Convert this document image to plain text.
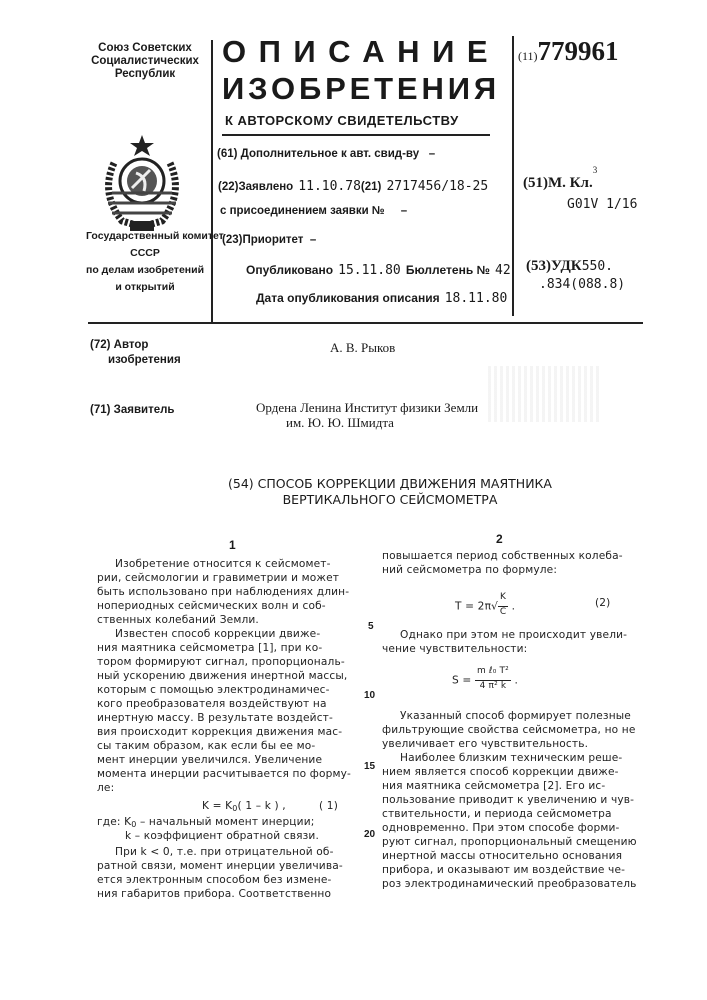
Союз Советских
Социалистических
Республик
Государственный комитет
СССР
по делам изобретений
и открытий
ОПИСАНИЕ
ИЗОБРЕТЕНИЯ
К АВТОРСКОМУ СВИДЕТЕЛЬСТВУ
(11)779961
(61) Дополнительное к авт. свид-ву –
(22)Заявлено 11.10.78(21) 2717456/18-25
с присоединением заявки № –
(23)Приоритет –
Опубликовано 15.11.80 Бюллетень № 42
Дата опубликования описания 18.11.80
(51)М. Кл.3
G01V 1/16
(53)УДК550.
.834(088.8)
(72) Автор
изобретения
А. В. Рыков
(71) Заявитель	Ордена Ленина Институт физики Земли
им. Ю. Ю. Шмидта
(54) СПОСОБ КОРРЕКЦИИ ДВИЖЕНИЯ МАЯТНИКА
ВЕРТИКАЛЬНОГО СЕЙСМОМЕТРА
1	2
5
10
15
20
Изобретение относится к сейсмомет-
рии, сейсмологии и гравиметрии и может
быть использовано при наблюдениях длин-
нопериодных сейсмических волн и соб-
ственных колебаний Земли.
Известен способ коррекции движе-
ния маятника сейсмометра [1], при ко-
тором формируют сигнал, пропорциональ-
ный ускорению движения инертной массы,
которым с помощью электродинамичес-
кого преобразователя воздействуют на
инертную массу. В результате воздейст-
вия происходит коррекция движения мас-
сы таким образом, как если бы ее мо-
мент инерции увеличился. Увеличение
момента инерции расчитывается по форму-
ле:
K = K0( 1 – k ) ,	( 1)
где: K0 – начальный момент инерции;
k – коэффициент обратной связи.
При k < 0, т.е. при отрицательной об-
ратной связи, момент инерции увеличива-
ется электронным способом без измене-
ния габаритов прибора. Соответственно
повышается период собственных колеба-
ний сейсмометра по формуле:
T = 2π√
K
C .	(2)
Однако при этом не происходит увели-
чение чувствительности:
S =
m ℓ₀ T²
4 π² k .
Указанный способ формирует полезные
фильтрующие свойства сейсмометра, но не
увеличивает его чувствительность.
Наиболее близким техническим реше-
нием является способ коррекции движе-
ния маятника сейсмометра [2]. Его ис-
пользование приводит к увеличению и чув-
ствительности, и периода сейсмометра
одновременно. При этом способе форми-
руют сигнал, пропорциональный смещению
инертной массы относительно основания
прибора, и оказывают им воздействие че-
роз электродинамический преобразователь
